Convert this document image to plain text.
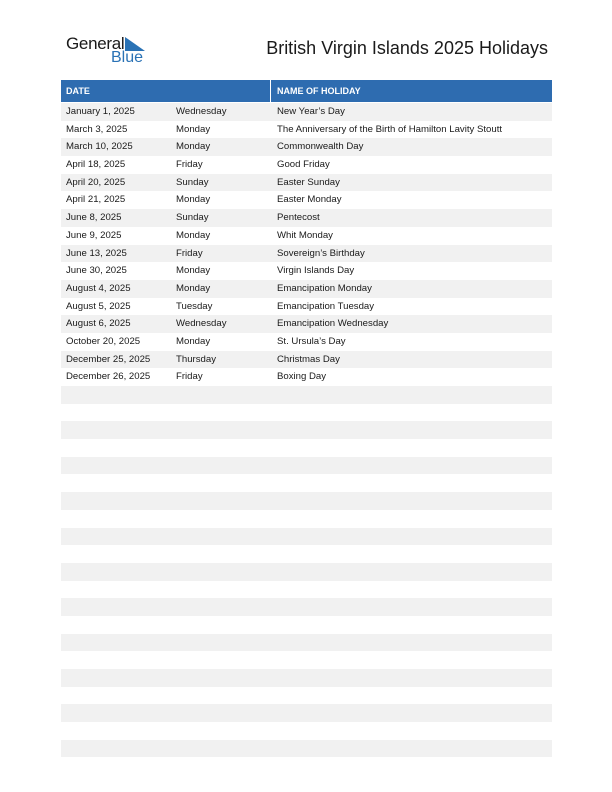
General
Blue	British Virgin Islands 2025 Holidays
DATE	NAME OF HOLIDAY
January 1, 2025	Wednesday	New Year’s Day
March 3, 2025	Monday	The Anniversary of the Birth of Hamilton Lavity Stoutt
March 10, 2025	Monday	Commonwealth Day
April 18, 2025	Friday	Good Friday
April 20, 2025	Sunday	Easter Sunday
April 21, 2025	Monday	Easter Monday
June 8, 2025	Sunday	Pentecost
June 9, 2025	Monday	Whit Monday
June 13, 2025	Friday	Sovereign’s Birthday
June 30, 2025	Monday	Virgin Islands Day
August 4, 2025	Monday	Emancipation Monday
August 5, 2025	Tuesday	Emancipation Tuesday
August 6, 2025	Wednesday	Emancipation Wednesday
October 20, 2025	Monday	St. Ursula’s Day
December 25, 2025	Thursday	Christmas Day
December 26, 2025	Friday	Boxing Day
